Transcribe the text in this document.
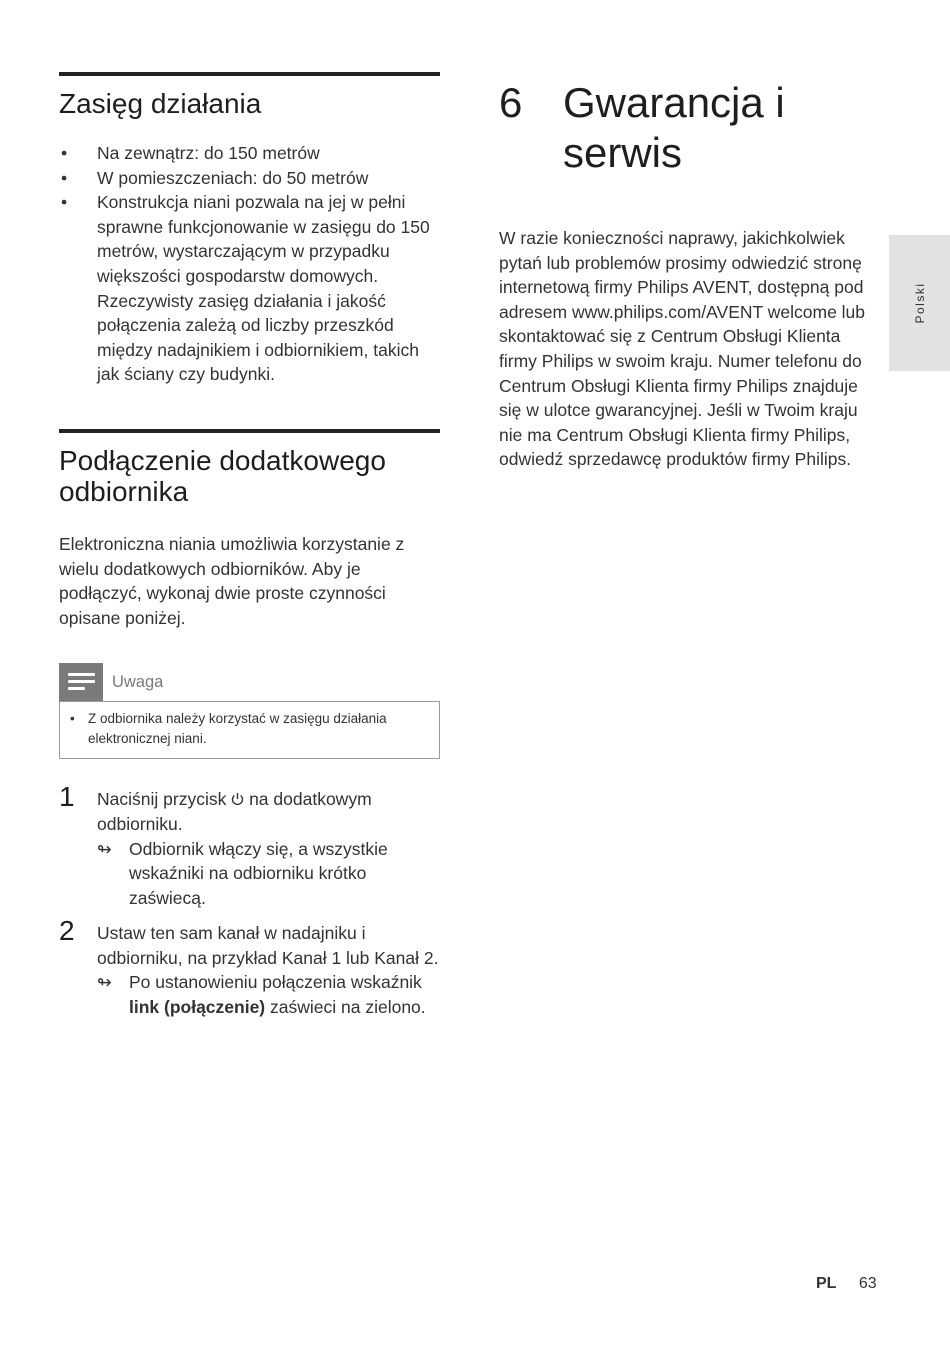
Zasięg działania
• Na zewnątrz: do 150 metrów
• W pomieszczeniach: do 50 metrów
• Konstrukcja niani pozwala na jej w pełni sprawne funkcjonowanie w zasięgu do 150 metrów, wystarczającym w przypadku większości gospodarstw domowych. Rzeczywisty zasięg działania i jakość połączenia zależą od liczby przeszkód między nadajnikiem i odbiornikiem, takich jak ściany czy budynki.
Podłączenie dodatkowego odbiornika

Elektroniczna niania umożliwia korzystanie z wielu dodatkowych odbiorników. Aby je podłączyć, wykonaj dwie proste czynności opisane poniżej.

Uwaga
• Z odbiornika należy korzystać w zasięgu działania elektronicznej niani.
1 Naciśnij przycisk na dodatkowym odbiorniku.
↬ Odbiornik włączy się, a wszystkie wskaźniki na odbiorniku krótko zaświecą.
2 Ustaw ten sam kanał w nadajniku i odbiorniku, na przykład Kanał 1 lub Kanał 2.
↬ Po ustanowieniu połączenia wskaźnik link (połączenie) zaświeci na zielono.
6 Gwarancja i serwis

W razie konieczności naprawy, jakichkolwiek pytań lub problemów prosimy odwiedzić stronę internetową firmy Philips AVENT, dostępną pod adresem www.philips.com/AVENT welcome lub skontaktować się z Centrum Obsługi Klienta firmy Philips w swoim kraju. Numer telefonu do Centrum Obsługi Klienta firmy Philips znajduje się w ulotce gwarancyjnej. Jeśli w Twoim kraju nie ma Centrum Obsługi Klienta firmy Philips, odwiedź sprzedawcę produktów firmy Philips.

Polski
PL 63
